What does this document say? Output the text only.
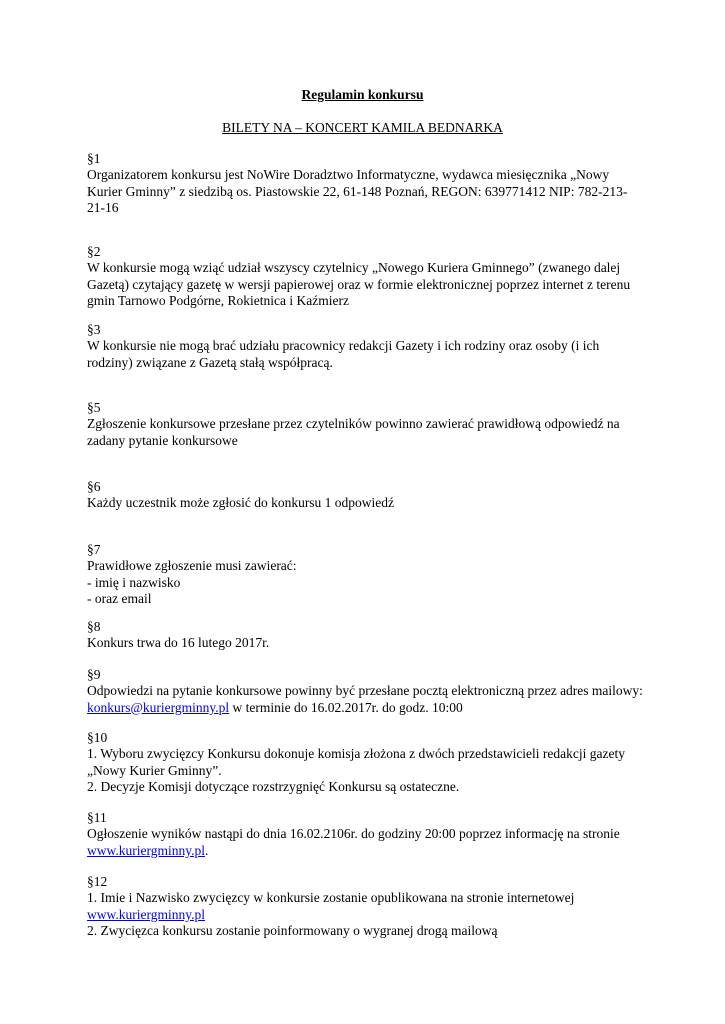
Regulamin konkursu
BILETY NA – KONCERT KAMILA BEDNARKA
§1
Organizatorem konkursu jest NoWire Doradztwo Informatyczne, wydawca miesięcznika „Nowy
Kurier Gminny” z siedzibą os. Piastowskie 22, 61-148 Poznań, REGON: 639771412 NIP: 782-213-
21-16
§2
W konkursie mogą wziąć udział wszyscy czytelnicy „Nowego Kuriera Gminnego” (zwanego dalej
Gazetą) czytający gazetę w wersji papierowej oraz w formie elektronicznej poprzez internet z terenu
gmin Tarnowo Podgórne, Rokietnica i Kaźmierz
§3
W konkursie nie mogą brać udziału pracownicy redakcji Gazety i ich rodziny oraz osoby (i ich
rodziny) związane z Gazetą stałą współpracą.
§5
Zgłoszenie konkursowe przesłane przez czytelników powinno zawierać prawidłową odpowiedź na
zadany pytanie konkursowe
§6
Każdy uczestnik może zgłosić do konkursu 1 odpowiedź
§7
Prawidłowe zgłoszenie musi zawierać:
- imię i nazwisko
- oraz email
§8
Konkurs trwa do 16 lutego 2017r.
§9
Odpowiedzi na pytanie konkursowe powinny być przesłane pocztą elektroniczną przez adres mailowy:
konkurs@kuriergminny.pl w terminie do 16.02.2017r. do godz. 10:00
§10
1. Wyboru zwycięzcy Konkursu dokonuje komisja złożona z dwóch przedstawicieli redakcji gazety
„Nowy Kurier Gminny”.
2. Decyzje Komisji dotyczące rozstrzygnięć Konkursu są ostateczne.
§11
Ogłoszenie wyników nastąpi do dnia 16.02.2106r. do godziny 20:00 poprzez informację na stronie
www.kuriergminny.pl.
§12
1. Imie i Nazwisko zwycięzcy w konkursie zostanie opublikowana na stronie internetowej
www.kuriergminny.pl
2. Zwycięzca konkursu zostanie poinformowany o wygranej drogą mailową
